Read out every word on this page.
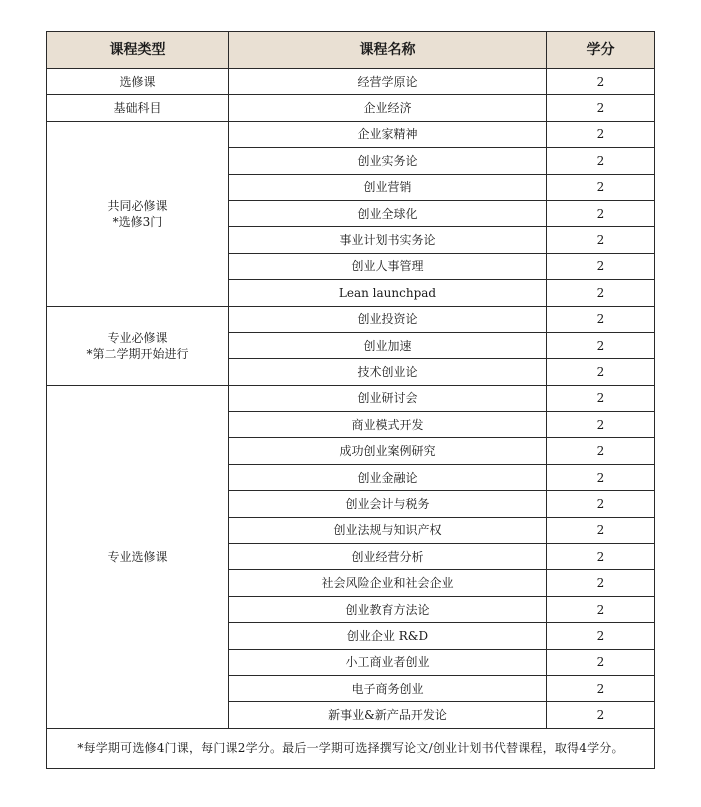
课程类型	课程名称	学分

选修课	经营学原论	2

基础科目	企业经济	2

共同必修课
*选修3门	企业家精神	2
	创业实务论	2
	创业营销	2
	创业全球化	2
	事业计划书实务论	2
	创业人事管理	2
	Lean launchpad	2

专业必修课
*第二学期开始进行	创业投资论	2
	创业加速	2
	技术创业论	2

专业选修课	创业研讨会	2
	商业模式开发	2
	成功创业案例研究	2
	创业金融论	2
	创业会计与税务	2
	创业法规与知识产权	2
	创业经营分析	2
	社会风险企业和社会企业	2
	创业教育方法论	2
	创业企业 R&D	2
	小工商业者创业	2
	电子商务创业	2
	新事业&新产品开发论	2
*每学期可选修4门课，每门课2学分。最后一学期可选择撰写论文/创业计划书代替课程，取得4学分。		
